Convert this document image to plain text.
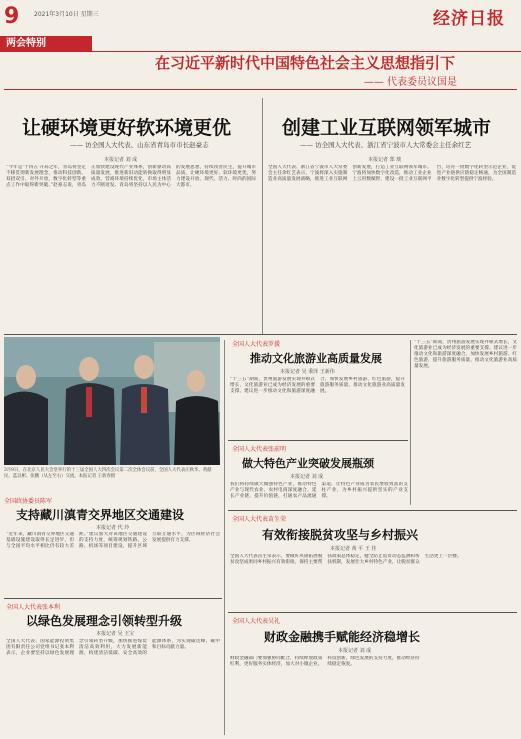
9 2021年3月10日 星期三	经济日报
两会特别
在习近平新时代中国特色社会主义思想指引下
—— 代表委员议国是
让硬环境更好软环境更优
—— 访全国人大代表、山东省青岛市市长赵豪志
本报记者 刘 成
“今年是‘十四五’开局之年，青岛将坚定不移贯彻新发展理念，推动科技创新、双招双引、对外开放，数字化转型等重点工作中取得新突破。”赵豪志说，青岛正加快建设现代产业体系，创新驱动高质量发展，推进新旧动能转换取得明显成效，营商环境持续优化，市场主体活力不断迸发。青岛将坚持以人民为中心的发展思想，持续改善民生，提升城市品质，让硬环境更好、软环境更优，努力建设开放、现代、活力、时尚的国际大都市。
创建工业互联网领军城市
—— 访全国人大代表、浙江省宁波市人大常委会主任余红艺
本报记者 郑 琰
全国人大代表、浙江省宁波市人大常委会主任余红艺表示，宁波将深入实施制造业高质量发展战略，推进工业互联网创新发展，打造工业互联网领军城市。宁波将加快数字化改造，推动工业企业上云用数赋智，建设一批工业互联网平台，培育一批数字化转型示范企业，促进产业链供应链稳定畅通，为全国制造业数字化转型提供宁波经验。
3月9日，在北京人民大会堂举行的十三届全国人大四次会议第二次全体会议前，全国人大代表庄秋华、黄献民、蓝以彬、张鹏（从左至右）交流。本报记者 王新春摄
全国人大代表罗援
推动文化旅游业高质量发展
本报记者 吴 秉泽 王新伟
“十三五”期间，贵州旅游发展实现井喷式增长，文化旅游业已成为经济发展的重要支撑。建议进一步推动文化和旅游深度融合，加快发展乡村旅游、红色旅游，提升旅游服务质量，推动文化旅游业高质量发展。
“十三五”期间，贵州旅游发展实现井喷式增长，文化旅游业已成为经济发展的重要支撑。建议进一步推动文化和旅游深度融合，加快发展乡村旅游、红色旅游，提升旅游服务质量，推动文化旅游业高质量发展。
全国人大代表张前明
做大特色产业突破发展瓶颈
本报记者 刘 成
我们将持续做大做强特色产业，推动特色产业与现代农业、农村电商深度融合，延长产业链、提升价值链，打通农产品流通渠道，让特色产业成为农民增收致富的支柱产业，为乡村振兴提供坚实的产业支撑。
全国政协委员陈军
支持藏川滇青交界地区交通建设
本报记者 代 玲
“近年来，藏川滇青交界地区交通基础设施建设取得长足进步，但与全国平均水平相比仍有较大差距。”建议加大对该地区交通建设的支持力度，统筹规划铁路、公路、机场等项目建设，提升区域互联互通水平，为区域经济社会发展提供有力支撑。
全国人大代表张本利
以绿色发展理念引领转型升级
本报记者 吴 玉宝
全国人大代表、国家能源投资集团有限责任公司党组书记张本利表示，企业要坚持以绿色发展理念引领转型升级，加快推进煤炭清洁高效利用，大力发展新能源，构建清洁低碳、安全高效的能源体系，为实现碳达峰、碳中和目标贡献力量。
全国人大代表苗生荣
有效衔接脱贫攻坚与乡村振兴
本报记者 黄 平 王 佳
全国人大代表苗生荣表示，要做好巩固拓展脱贫攻坚成果同乡村振兴有效衔接，保持主要帮扶政策总体稳定，健全防止返贫动态监测和帮扶机制，发展壮大乡村特色产业，让脱贫群众生活更上一层楼。
全国人大代表吴礼
财政金融携手赋能经济稳增长
本报记者 刘 成
财政金融部门要加强协同配合，持续释放政策红利，更好服务实体经济，加大对小微企业、科技创新、绿色发展的支持力度，推动经济持续稳定恢复。
